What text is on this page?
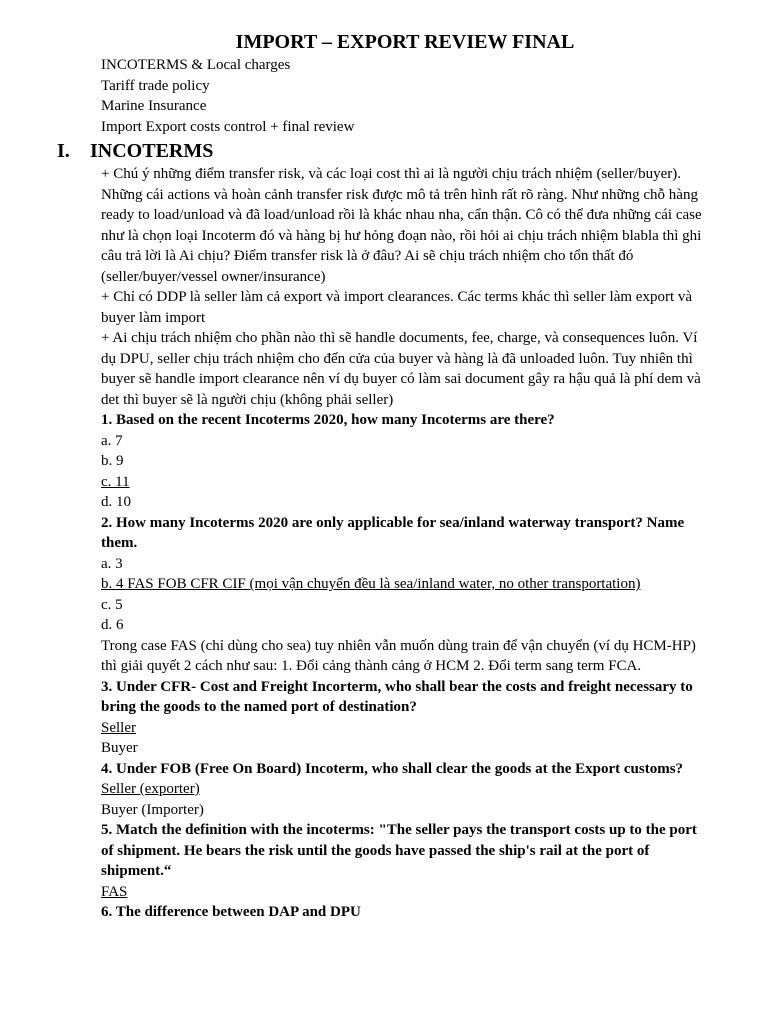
IMPORT – EXPORT REVIEW FINAL
INCOTERMS & Local charges
Tariff trade policy
Marine Insurance
Import Export costs control + final review
I. INCOTERMS

+ Chú ý những điểm transfer risk, và các loại cost thì ai là người chịu trách nhiệm (seller/buyer). Những cái actions và hoàn cảnh transfer risk được mô tả trên hình rất rõ ràng. Như những chỗ hàng ready to load/unload và đã load/unload rồi là khác nhau nha, cẩn thận. Cô có thể đưa những cái case như là chọn loại Incoterm đó và hàng bị hư hỏng đoạn nào, rồi hỏi ai chịu trách nhiệm blabla thì ghi câu trả lời là Ai chịu? Điểm transfer risk là ở đâu? Ai sẽ chịu trách nhiệm cho tổn thất đó (seller/buyer/vessel owner/insurance)

+ Chỉ có DDP là seller làm cả export và import clearances. Các terms khác thì seller làm export và buyer làm import

+ Ai chịu trách nhiệm cho phần nào thì sẽ handle documents, fee, charge, và consequences luôn. Ví dụ DPU, seller chịu trách nhiệm cho đến cửa của buyer và hàng là đã unloaded luôn. Tuy nhiên thì buyer sẽ handle import clearance nên ví dụ buyer có làm sai document gây ra hậu quả là phí dem và det thì buyer sẽ là người chịu (không phải seller)

1. Based on the recent Incoterms 2020, how many Incoterms are there?
a. 7
b. 9
c. 11
d. 10
2. How many Incoterms 2020 are only applicable for sea/inland waterway transport? Name them.
a. 3
b. 4 FAS FOB CFR CIF (mọi vận chuyển đều là sea/inland water, no other transportation)
c. 5
d. 6

Trong case FAS (chỉ dùng cho sea) tuy nhiên vẫn muốn dùng train để vận chuyển (ví dụ HCM-HP) thì giải quyết 2 cách như sau: 1. Đổi cảng thành cảng ở HCM 2. Đổi term sang term FCA.

3. Under CFR- Cost and Freight Incorterm, who shall bear the costs and freight necessary to bring the goods to the named port of destination?
Seller
Buyer
4. Under FOB (Free On Board) Incoterm, who shall clear the goods at the Export customs?
Seller (exporter)
Buyer (Importer)
5. Match the definition with the incoterms: "The seller pays the transport costs up to the port of shipment. He bears the risk until the goods have passed the ship's rail at the port of shipment.“
FAS
6. The difference between DAP and DPU
